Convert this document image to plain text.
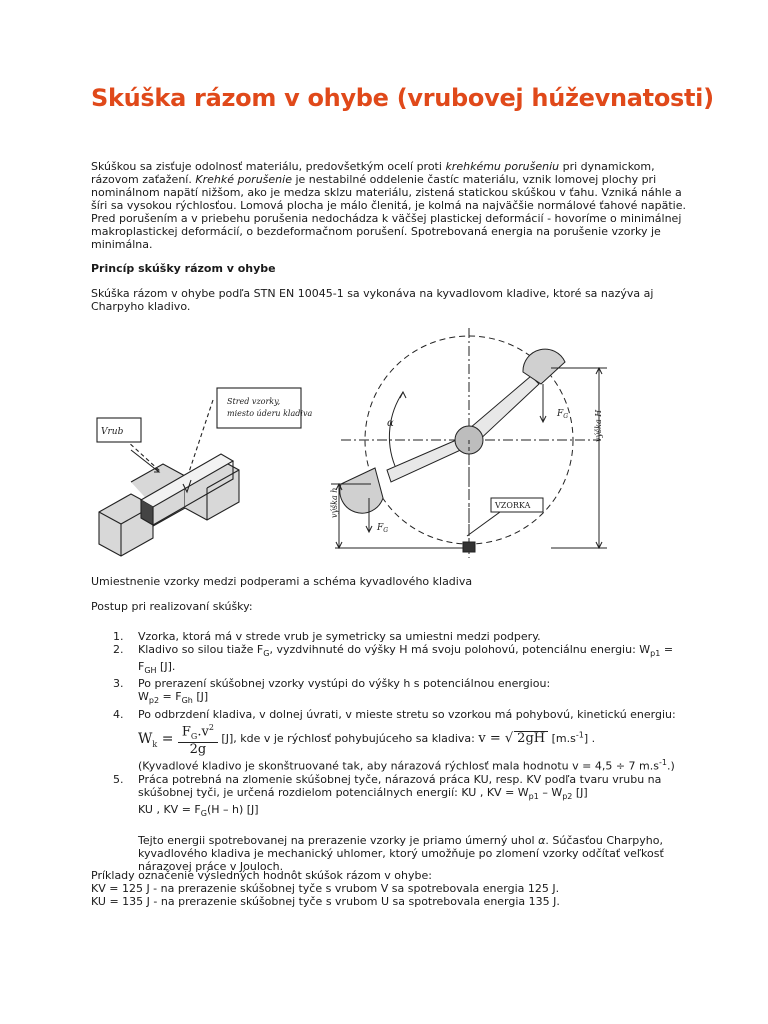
Skúška rázom v ohybe (vrubovej húževnatosti)

Skúškou sa zisťuje odolnosť materiálu, predovšetkým ocelí proti krehkému porušeniu pri dynamickom, rázovom zaťažení. Krehké porušenie je nestabilné oddelenie častíc materiálu, vznik lomovej plochy pri nominálnom napätí nižšom, ako je medza sklzu materiálu, zistená statickou skúškou v ťahu. Vzniká náhle a šíri sa vysokou rýchlosťou. Lomová plocha je málo členitá, je kolmá na najväčšie normálové ťahové napätie. Pred porušením a v priebehu porušenia nedochádza k väčšej plastickej deformácií - hovoríme o minimálnej makroplastickej deformácií, o bezdeformačnom porušení. Spotrebovaná energia na porušenie vzorky je minimálna.

Princíp skúšky rázom v ohybe
Skúška rázom v ohybe podľa STN EN 10045-1 sa vykonáva na kyvadlovom kladive, ktoré sa nazýva aj Charpyho kladivo.
Vrub
Stred vzorky,
miesto úderu kladiva
α
$F_G$
$F_G$
výška H
výška h	VZORKA
Umiestnenie vzorky medzi podperami a schéma kyvadlového kladiva
Postup pri realizovaní skúšky:
1. Vzorka, ktorá má v strede vrub je symetricky sa umiestni medzi podpery.
2. Kladivo so silou tiaže $F_G$, vyzdvihnuté do výšky H má svoju polohovú, potenciálnu energiu: $W_{p1} = F_{GH}$ [J].
3. Po prerazení skúšobnej vzorky vystúpi do výšky h s potenciálnou energiou:
$W_{p2} = F_{Gh}$ [J]
4. Po odbrzdení kladiva, v dolnej úvrati, v mieste stretu so vzorkou má pohybovú, kinetickú energiu:
$W_k = \frac{F_G.v^2}{2g} [J]$, kde v je rýchlosť pohybujúceho sa kladiva: v = √ 2gH $[m.s^{-1}]$ .
(Kyvadlové kladivo je skonštruované tak, aby nárazová rýchlosť mala hodnotu v = 4,5 ÷ 7 $m.s^{-1}$.)
5. Práca potrebná na zlomenie skúšobnej tyče, nárazová práca KU, resp. KV podľa tvaru vrubu na skúšobnej tyči, je určená rozdielom potenciálnych energií: KU , KV = $W_{p1} - W_{p2}$ [J]
KU , KV = $F_G(H - h)$ [J]

Tejto energii spotrebovanej na prerazenie vzorky je priamo úmerný uhol α. Súčasťou Charpyho, kyvadlového kladiva je mechanický uhlomer, ktorý umožňuje po zlomení vzorky odčítať veľkosť nárazovej práce v Jouloch.

Príklady označenie výsledných hodnôt skúšok rázom v ohybe:

KV = 125 J - na prerazenie skúšobnej tyče s vrubom V sa spotrebovala energia 125 J.

KU = 135 J - na prerazenie skúšobnej tyče s vrubom U sa spotrebovala energia 135 J.
